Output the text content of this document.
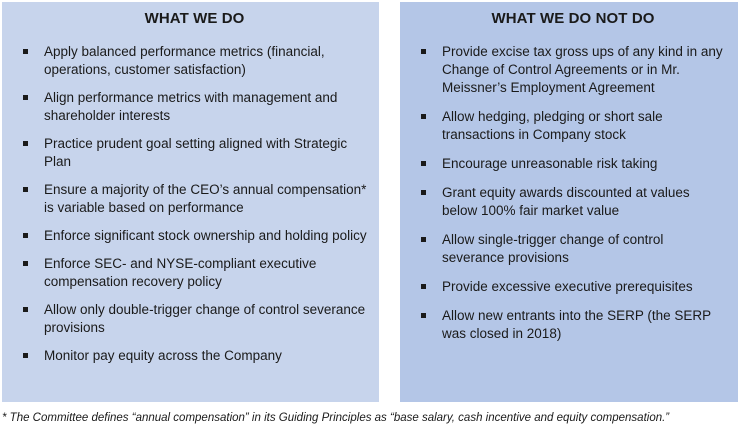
WHAT WE DO
Apply balanced performance metrics (financial, operations, customer satisfaction)
Align performance metrics with management and shareholder interests
Practice prudent goal setting aligned with Strategic Plan
Ensure a majority of the CEO’s annual compensation* is variable based on performance
Enforce significant stock ownership and holding policy
Enforce SEC- and NYSE-compliant executive compensation recovery policy
Allow only double-trigger change of control severance provisions
Monitor pay equity across the Company
WHAT WE DO NOT DO
Provide excise tax gross ups of any kind in any Change of Control Agreements or in Mr. Meissner’s Employment Agreement
Allow hedging, pledging or short sale transactions in Company stock
Encourage unreasonable risk taking
Grant equity awards discounted at values below 100% fair market value
Allow single-trigger change of control severance provisions
Provide excessive executive prerequisites
Allow new entrants into the SERP (the SERP was closed in 2018)
* The Committee defines “annual compensation” in its Guiding Principles as “base salary, cash incentive and equity compensation.”
